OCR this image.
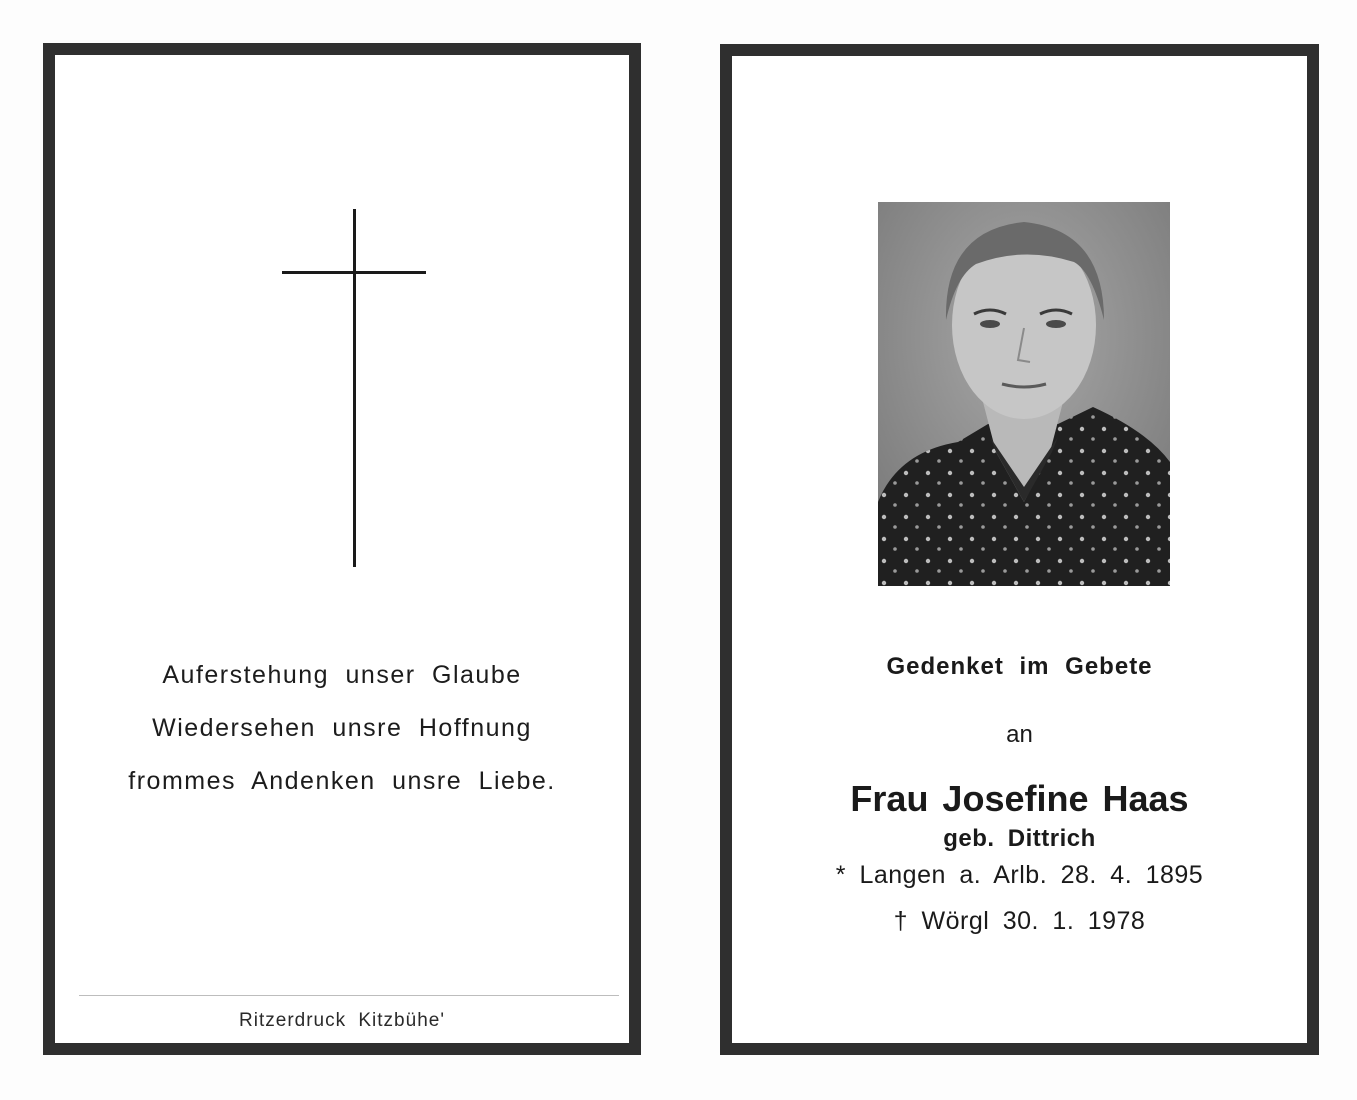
Auferstehung unser Glaube
Wiedersehen unsre Hoffnung
frommes Andenken unsre Liebe.
Ritzerdruck Kitzbühe'
Gedenket im Gebete
an
Frau Josefine Haas
geb. Dittrich
* Langen a. Arlb. 28. 4. 1895
† Wörgl 30. 1. 1978
